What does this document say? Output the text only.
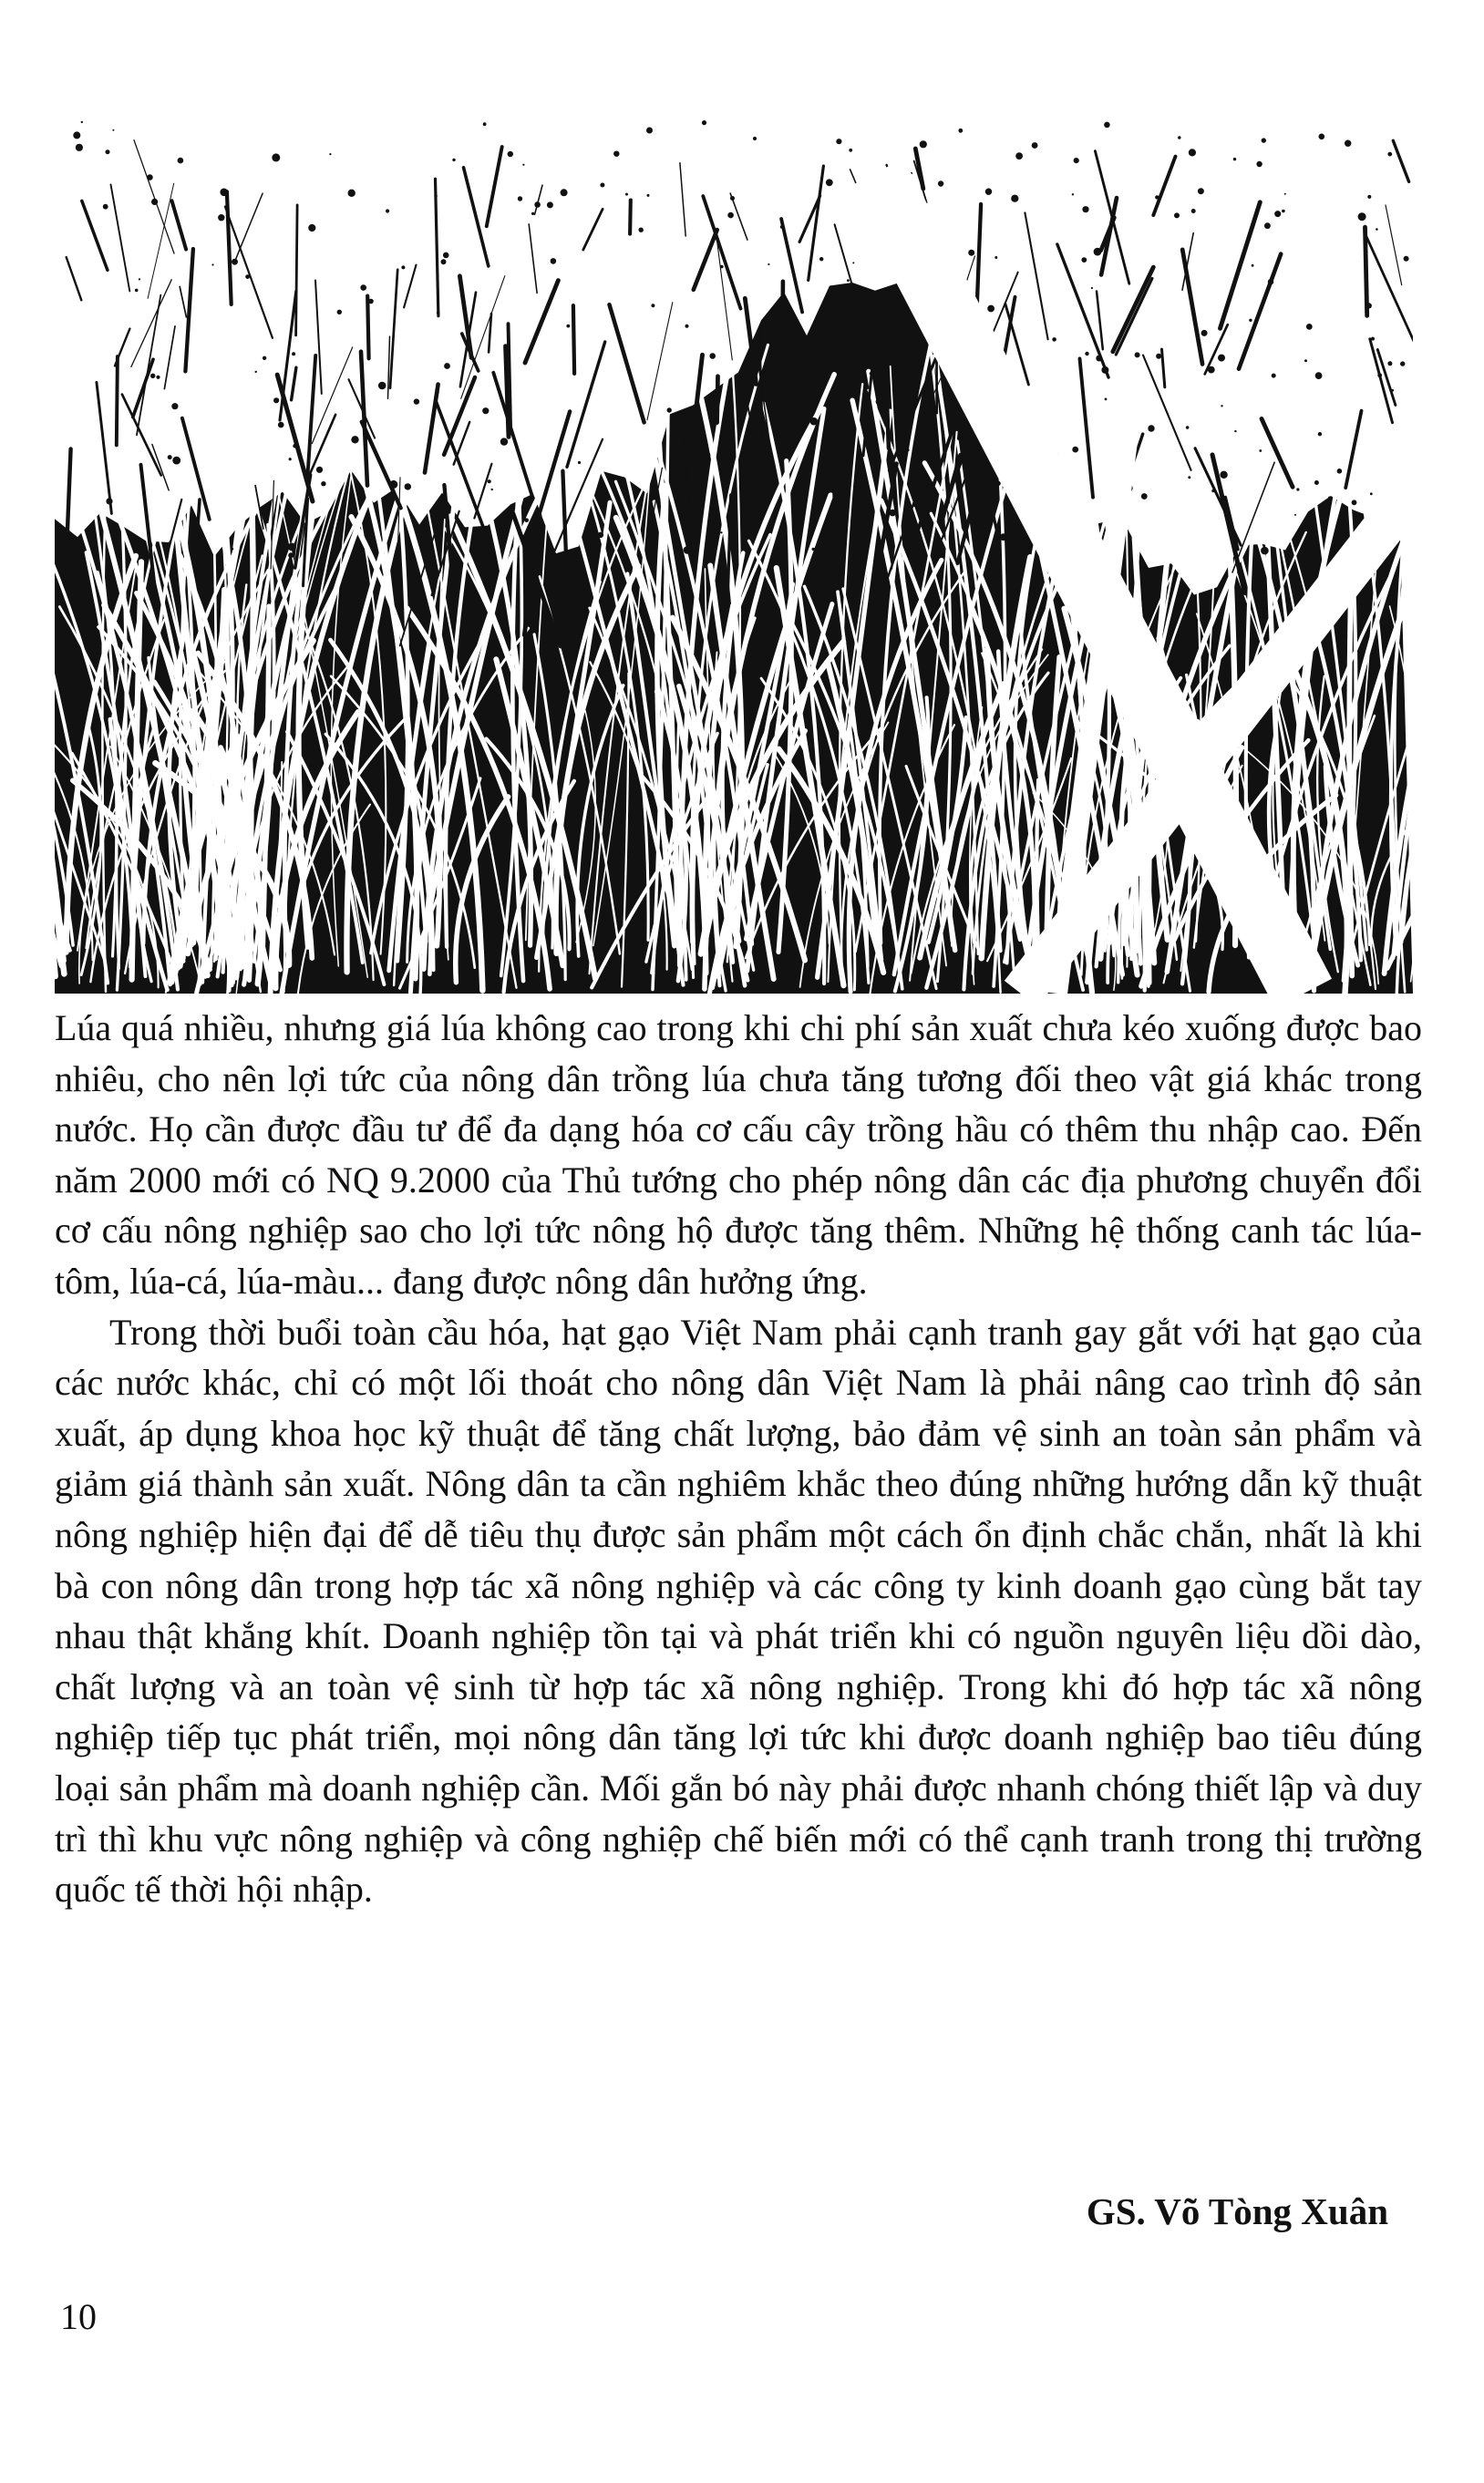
Lúa quá nhiều, nhưng giá lúa không cao trong khi chi phí sản xuất chưa kéo xuống được bao nhiêu, cho nên lợi tức của nông dân trồng lúa chưa tăng tương đối theo vật giá khác trong nước. Họ cần được đầu tư để đa dạng hóa cơ cấu cây trồng hầu có thêm thu nhập cao. Đến năm 2000 mới có NQ 9.2000 của Thủ tướng cho phép nông dân các địa phương chuyển đổi cơ cấu nông nghiệp sao cho lợi tức nông hộ được tăng thêm. Những hệ thống canh tác lúa-tôm, lúa-cá, lúa-màu... đang được nông dân hưởng ứng.

Trong thời buổi toàn cầu hóa, hạt gạo Việt Nam phải cạnh tranh gay gắt với hạt gạo của các nước khác, chỉ có một lối thoát cho nông dân Việt Nam là phải nâng cao trình độ sản xuất, áp dụng khoa học kỹ thuật để tăng chất lượng, bảo đảm vệ sinh an toàn sản phẩm và giảm giá thành sản xuất. Nông dân ta cần nghiêm khắc theo đúng những hướng dẫn kỹ thuật nông nghiệp hiện đại để dễ tiêu thụ được sản phẩm một cách ổn định chắc chắn, nhất là khi bà con nông dân trong hợp tác xã nông nghiệp và các công ty kinh doanh gạo cùng bắt tay nhau thật khắng khít. Doanh nghiệp tồn tại và phát triển khi có nguồn nguyên liệu dồi dào, chất lượng và an toàn vệ sinh từ hợp tác xã nông nghiệp. Trong khi đó hợp tác xã nông nghiệp tiếp tục phát triển, mọi nông dân tăng lợi tức khi được doanh nghiệp bao tiêu đúng loại sản phẩm mà doanh nghiệp cần. Mối gắn bó này phải được nhanh chóng thiết lập và duy trì thì khu vực nông nghiệp và công nghiệp chế biến mới có thể cạnh tranh trong thị trường quốc tế thời hội nhập.

GS. Võ Tòng Xuân
10
